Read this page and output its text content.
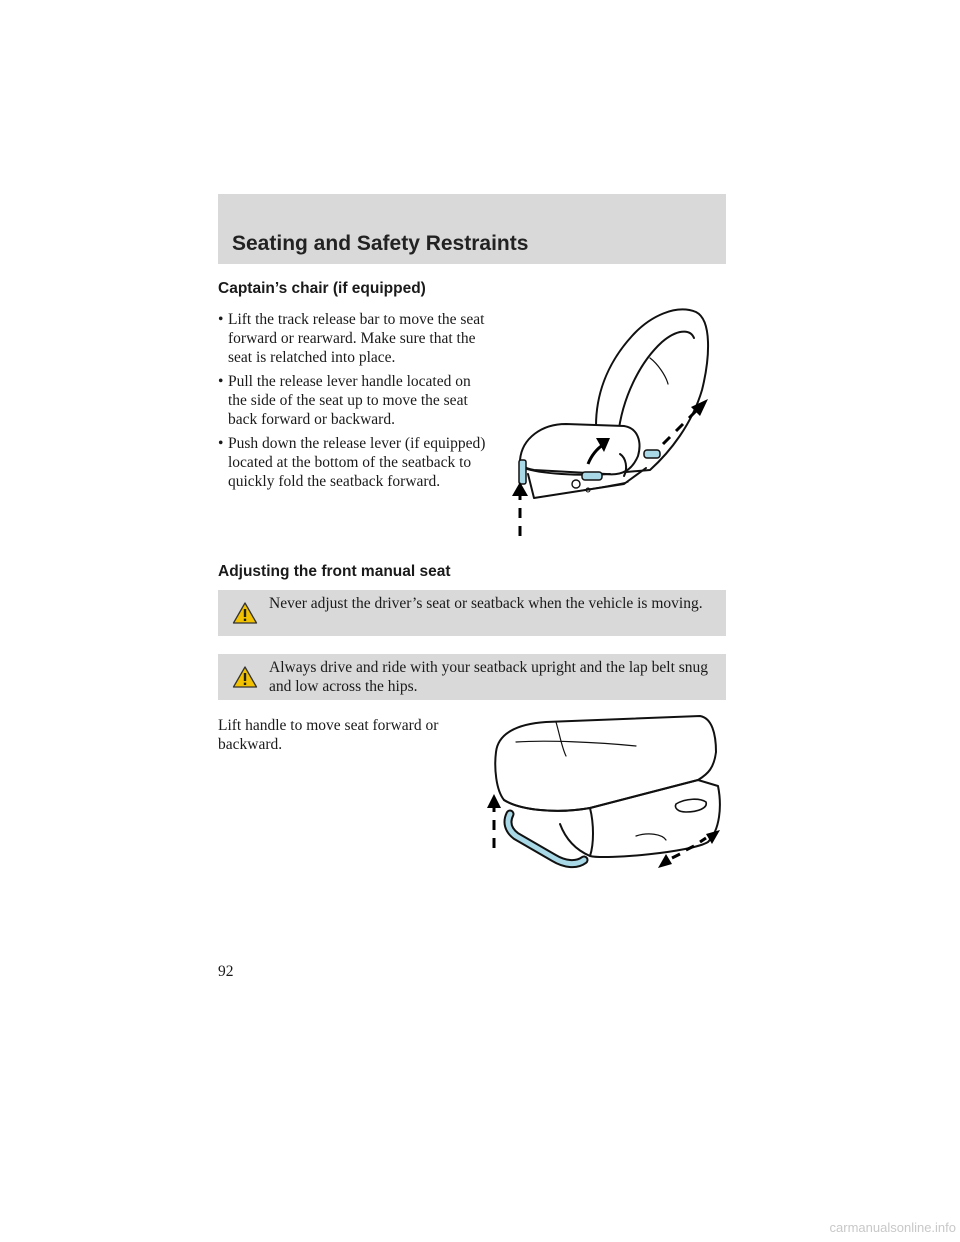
Seating and Safety Restraints
Captain’s chair (if equipped)
• Lift the track release bar to move the seat forward or rearward. Make sure that the seat is relatched into place.
• Pull the release lever handle located on the side of the seat up to move the seat back forward or backward.
• Push down the release lever (if equipped) located at the bottom of the seatback to quickly fold the seatback forward.
Adjusting the front manual seat

Never adjust the driver’s seat or seatback when the vehicle is moving.

Always drive and ride with your seatback upright and the lap belt snug and low across the hips.

Lift handle to move seat forward or backward.

92

carmanualsonline.info
